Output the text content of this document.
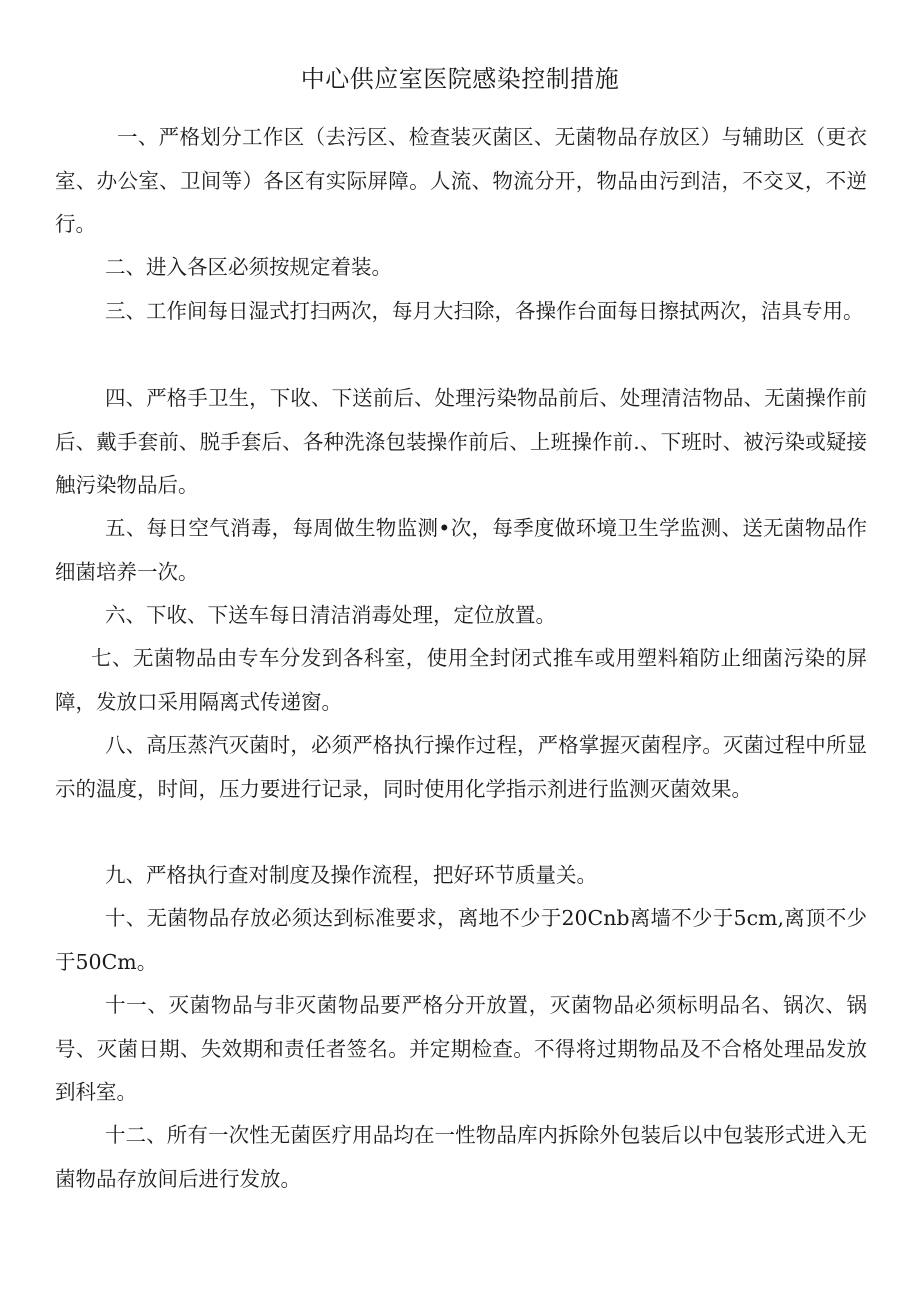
中心供应室医院感染控制措施

一、严格划分工作区（去污区、检查装灭菌区、无菌物品存放区）与辅助区（更衣室、办公室、卫间等）各区有实际屏障。人流、物流分开，物品由污到洁，不交叉，不逆行。

二、进入各区必须按规定着装。

三、工作间每日湿式打扫两次，每月大扫除，各操作台面每日擦拭两次，洁具专用。

四、严格手卫生，下收、下送前后、处理污染物品前后、处理清洁物品、无菌操作前后、戴手套前、脱手套后、各种洗涤包装操作前后、上班操作前.、下班时、被污染或疑接触污染物品后。

五、每日空气消毒，每周做生物监测•次，每季度做环境卫生学监测、送无菌物品作细菌培养一次。

六、下收、下送车每日清洁消毒处理，定位放置。

七、无菌物品由专车分发到各科室，使用全封闭式推车或用塑料箱防止细菌污染的屏障，发放口采用隔离式传递窗。

八、高压蒸汽灭菌时，必须严格执行操作过程，严格掌握灭菌程序。灭菌过程中所显示的温度，时间，压力要进行记录，同时使用化学指示剂进行监测灭菌效果。

九、严格执行查对制度及操作流程，把好环节质量关。

十、无菌物品存放必须达到标准要求，离地不少于20Cnb离墙不少于5cm,离顶不少于50Cm。

十一、灭菌物品与非灭菌物品要严格分开放置，灭菌物品必须标明品名、锅次、锅号、灭菌日期、失效期和责任者签名。并定期检查。不得将过期物品及不合格处理品发放到科室。

十二、所有一次性无菌医疗用品均在一性物品库内拆除外包装后以中包装形式进入无菌物品存放间后进行发放。
